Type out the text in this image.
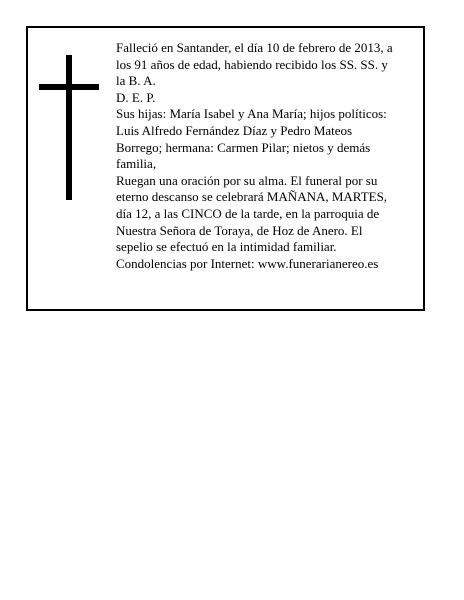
Falleció en Santander, el día 10 de febrero de 2013, a los 91 años de edad, habiendo recibido los SS. SS. y la B. A.

D. E. P.

Sus hijas: María Isabel y Ana María; hijos políticos: Luis Alfredo Fernández Díaz y Pedro Mateos Borrego; hermana: Carmen Pilar; nietos y demás familia,

Ruegan una oración por su alma. El funeral por su eterno descanso se celebrará MAÑANA, MARTES, día 12, a las CINCO de la tarde, en la parroquia de Nuestra Señora de Toraya, de Hoz de Anero. El sepelio se efectuó en la intimidad familiar.

Condolencias por Internet: www.funerarianereo.es
